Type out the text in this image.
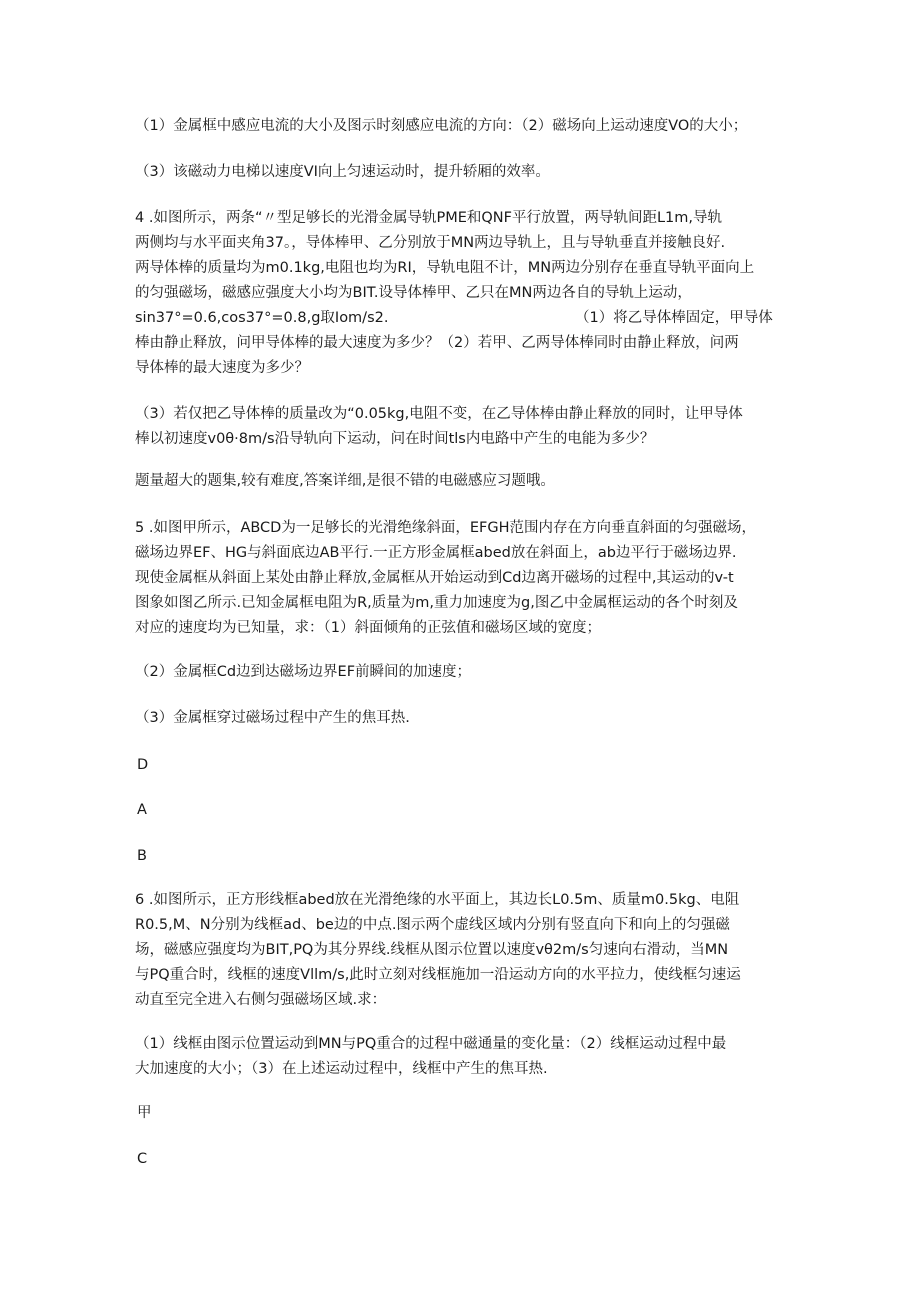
（1）金属框中感应电流的大小及图示时刻感应电流的方向：（2）磁场向上运动速度VO的大小；

（3）该磁动力电梯以速度VI向上匀速运动时，提升轿厢的效率。

4 .如图所示，两条“〃型足够长的光滑金属导轨PME和QNF平行放置，两导轨间距L1m,导轨

两侧均与水平面夹角37。，导体棒甲、乙分别放于MN两边导轨上，且与导轨垂直并接触良好.

两导体棒的质量均为m0.1kg,电阻也均为RI，导轨电阻不计，MN两边分别存在垂直导轨平面向上

的匀强磁场，磁感应强度大小均为BIT.设导体棒甲、乙只在MN两边各自的导轨上运动，

sin37°=0.6,cos37°=0.8,g取Iom∕s2.	（1）将乙导体棒固定，甲导体

棒由静止释放，问甲导体棒的最大速度为多少？（2）若甲、乙两导体棒同时由静止释放，问两

导体棒的最大速度为多少？

（3）若仅把乙导体棒的质量改为“0.05kg,电阻不变，在乙导体棒由静止释放的同时，让甲导体

棒以初速度v0θ·8m∕s沿导轨向下运动，问在时间tls内电路中产生的电能为多少？

题量超大的题集,较有难度,答案详细,是很不错的电磁感应习题哦。

5 .如图甲所示，ABCD为一足够长的光滑绝缘斜面，EFGH范围内存在方向垂直斜面的匀强磁场，

磁场边界EF、HG与斜面底边AB平行.一正方形金属框abed放在斜面上，ab边平行于磁场边界.

现使金属框从斜面上某处由静止释放,金属框从开始运动到Cd边离开磁场的过程中,其运动的v-t

图象如图乙所示.已知金属框电阻为R,质量为m,重力加速度为g,图乙中金属框运动的各个时刻及

对应的速度均为已知量，求：（1）斜面倾角的正弦值和磁场区域的宽度；

（2）金属框Cd边到达磁场边界EF前瞬间的加速度；

（3）金属框穿过磁场过程中产生的焦耳热.

D

A

B

6 .如图所示，正方形线框abed放在光滑绝缘的水平面上，其边长L0.5m、质量m0.5kg、电阻

R0.5,M、N分别为线框ad、be边的中点.图示两个虚线区域内分别有竖直向下和向上的匀强磁

场，磁感应强度均为BIT,PQ为其分界线.线框从图示位置以速度vθ2m∕s匀速向右滑动，当MN

与PQ重合时，线框的速度Vllm∕s,此时立刻对线框施加一沿运动方向的水平拉力，使线框匀速运

动直至完全进入右侧匀强磁场区域.求：

（1）线框由图示位置运动到MN与PQ重合的过程中磁通量的变化量：（2）线框运动过程中最

大加速度的大小；（3）在上述运动过程中，线框中产生的焦耳热.

甲

C
